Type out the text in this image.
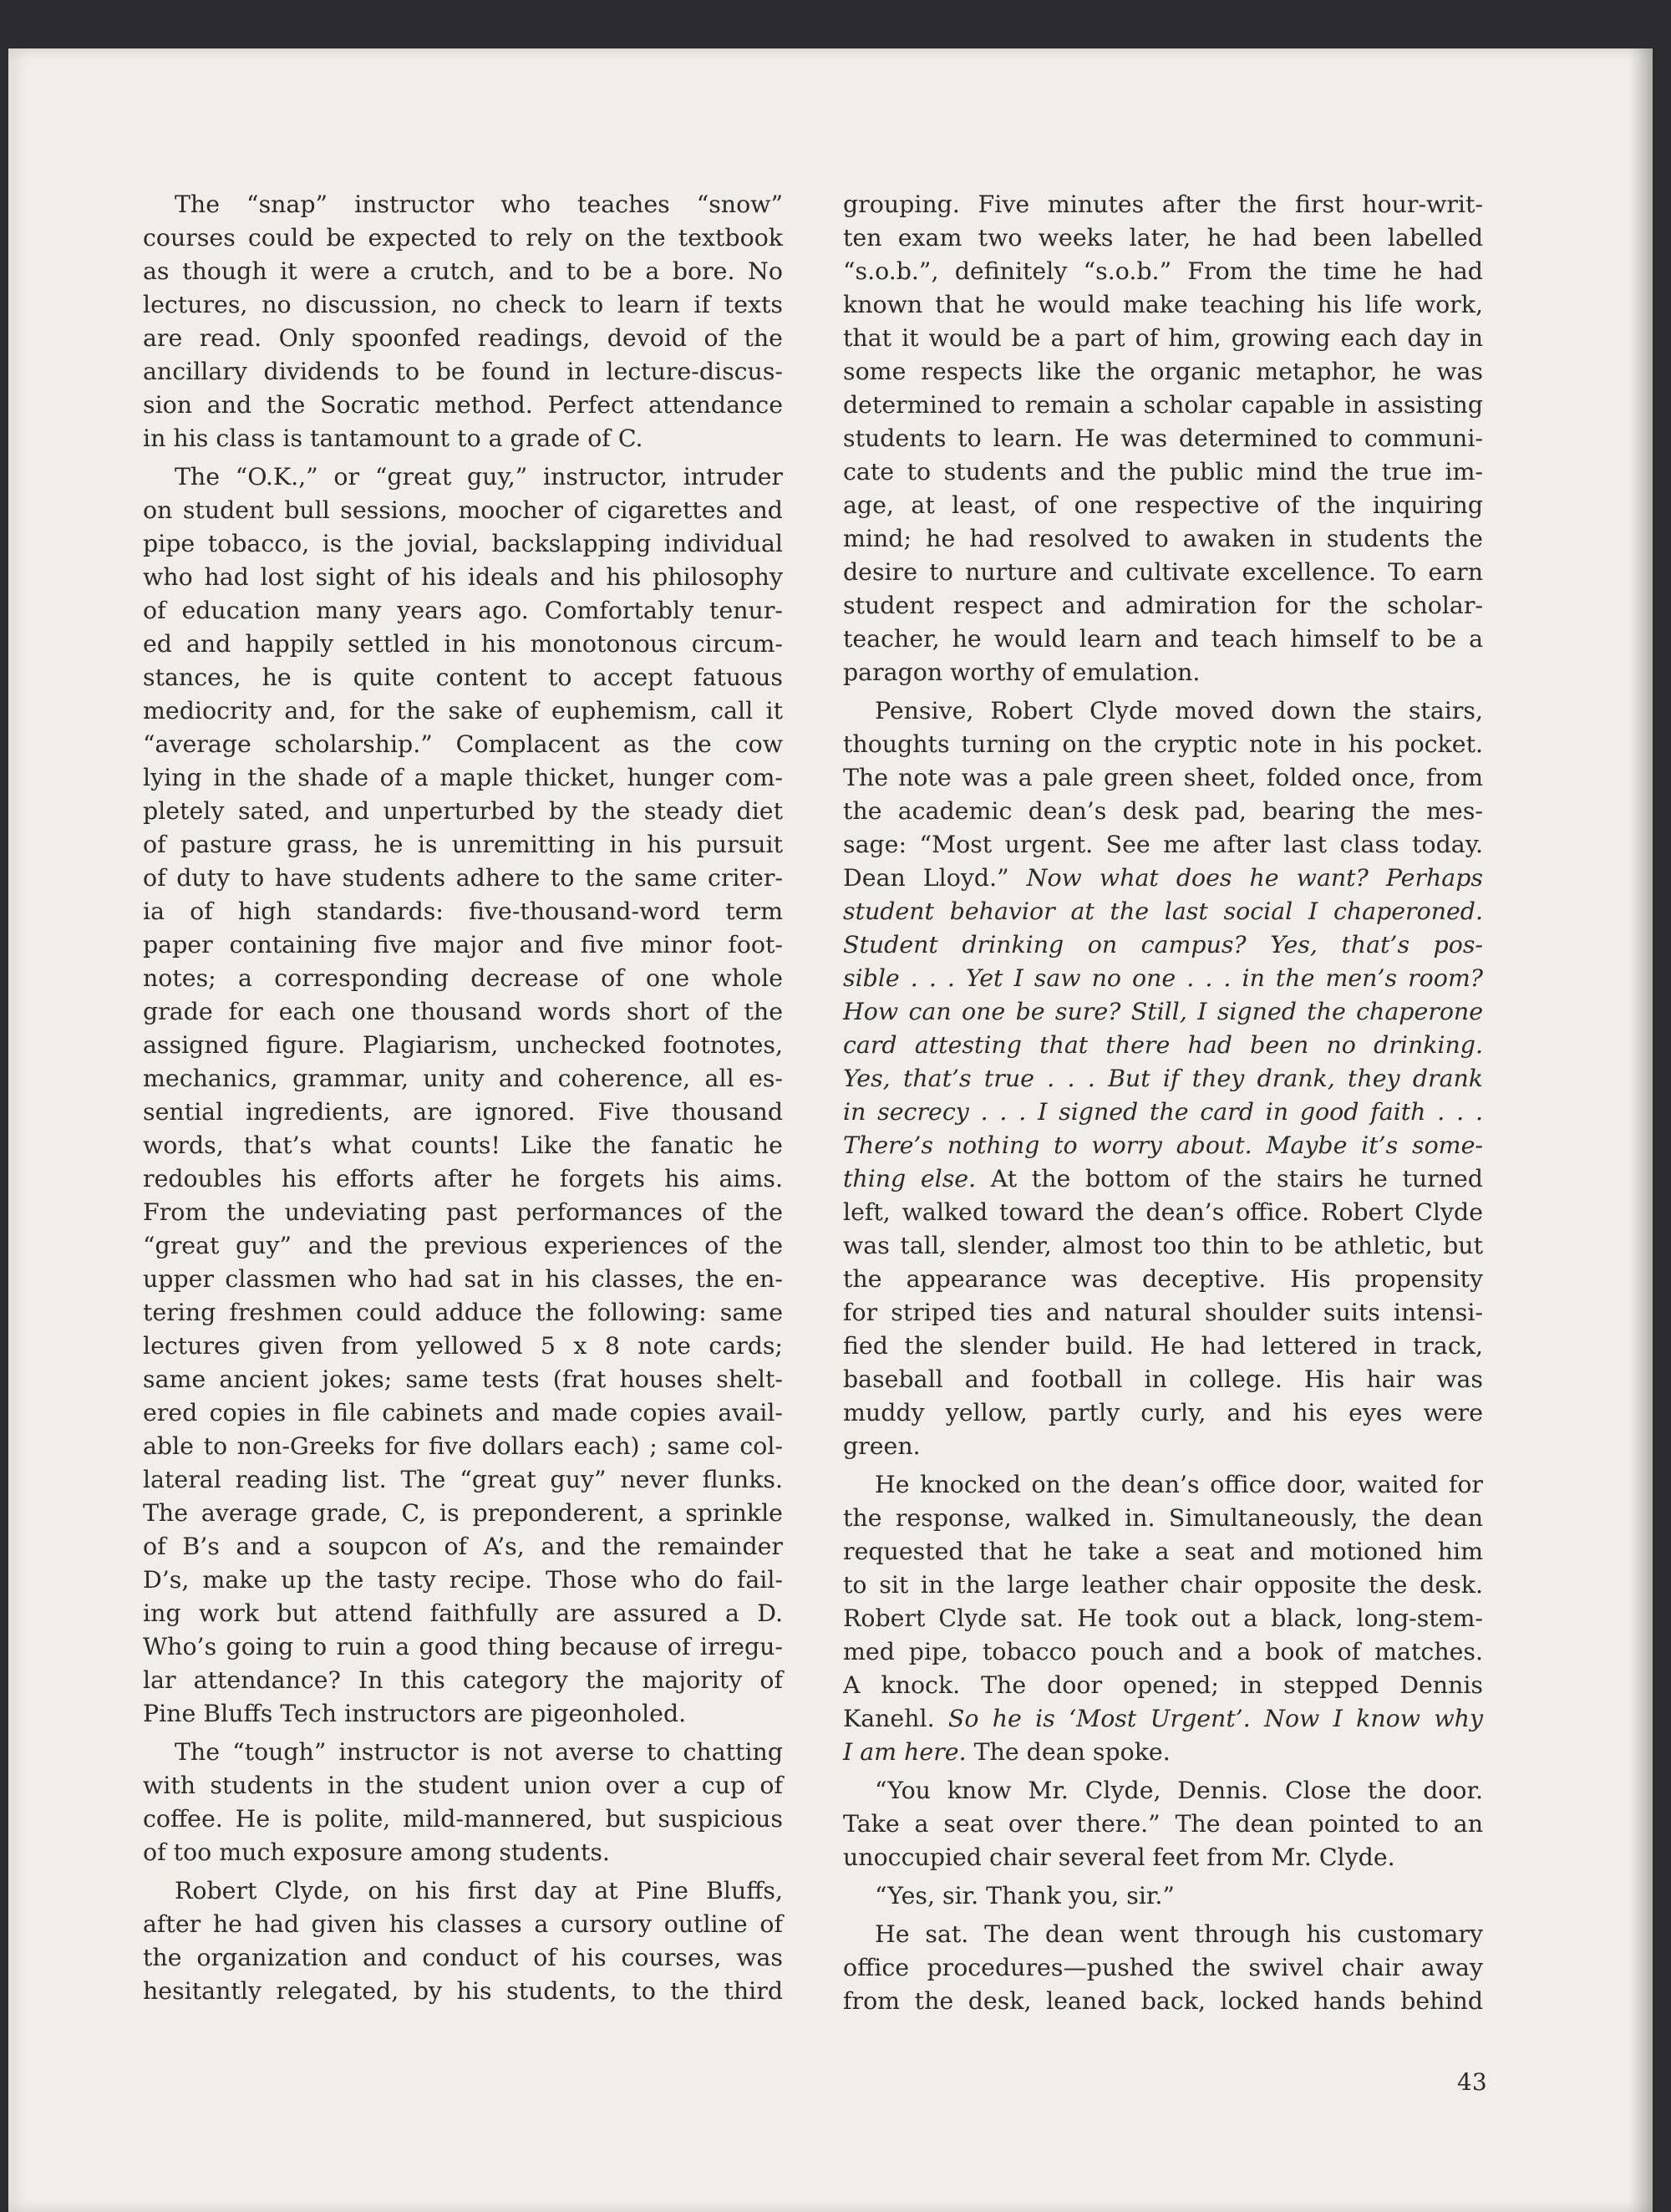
The “snap” instructor who teaches “snow”
courses could be expected to rely on the textbook
as though it were a crutch, and to be a bore. No
lectures, no discussion, no check to learn if texts
are read. Only spoonfed readings, devoid of the
ancillary dividends to be found in lecture-discus-
sion and the Socratic method. Perfect attendance
in his class is tantamount to a grade of C.
The “O.K.,” or “great guy,” instructor, intruder
on student bull sessions, moocher of cigarettes and
pipe tobacco, is the jovial, backslapping individual
who had lost sight of his ideals and his philosophy
of education many years ago. Comfortably tenur-
ed and happily settled in his monotonous circum-
stances, he is quite content to accept fatuous
mediocrity and, for the sake of euphemism, call it
“average scholarship.” Complacent as the cow
lying in the shade of a maple thicket, hunger com-
pletely sated, and unperturbed by the steady diet
of pasture grass, he is unremitting in his pursuit
of duty to have students adhere to the same criter-
ia of high standards: five-thousand-word term
paper containing five major and five minor foot-
notes; a corresponding decrease of one whole
grade for each one thousand words short of the
assigned figure. Plagiarism, unchecked footnotes,
mechanics, grammar, unity and coherence, all es-
sential ingredients, are ignored. Five thousand
words, that’s what counts! Like the fanatic he
redoubles his efforts after he forgets his aims.
From the undeviating past performances of the
“great guy” and the previous experiences of the
upper classmen who had sat in his classes, the en-
tering freshmen could adduce the following: same
lectures given from yellowed 5 x 8 note cards;
same ancient jokes; same tests (frat houses shelt-
ered copies in file cabinets and made copies avail-
able to non-Greeks for five dollars each) ; same col-
lateral reading list. The “great guy” never flunks.
The average grade, C, is preponderent, a sprinkle
of B’s and a soupcon of A’s, and the remainder
D’s, make up the tasty recipe. Those who do fail-
ing work but attend faithfully are assured a D.
Who’s going to ruin a good thing because of irregu-
lar attendance? In this category the majority of
Pine Bluffs Tech instructors are pigeonholed.
The “tough” instructor is not averse to chatting
with students in the student union over a cup of
coffee. He is polite, mild-mannered, but suspicious
of too much exposure among students.
Robert Clyde, on his first day at Pine Bluffs,
after he had given his classes a cursory outline of
the organization and conduct of his courses, was
hesitantly relegated, by his students, to the third
grouping. Five minutes after the first hour-writ-
ten exam two weeks later, he had been labelled
“s.o.b.”, definitely “s.o.b.” From the time he had
known that he would make teaching his life work,
that it would be a part of him, growing each day in
some respects like the organic metaphor, he was
determined to remain a scholar capable in assisting
students to learn. He was determined to communi-
cate to students and the public mind the true im-
age, at least, of one respective of the inquiring
mind; he had resolved to awaken in students the
desire to nurture and cultivate excellence. To earn
student respect and admiration for the scholar-
teacher, he would learn and teach himself to be a
paragon worthy of emulation.
Pensive, Robert Clyde moved down the stairs,
thoughts turning on the cryptic note in his pocket.
The note was a pale green sheet, folded once, from
the academic dean’s desk pad, bearing the mes-
sage: “Most urgent. See me after last class today.
Dean Lloyd.” Now what does he want? Perhaps
student behavior at the last social I chaperoned.
Student drinking on campus? Yes, that’s pos-
sible . . . Yet I saw no one . . . in the men’s room?
How can one be sure? Still, I signed the chaperone
card attesting that there had been no drinking.
Yes, that’s true . . . But if they drank, they drank
in secrecy . . . I signed the card in good faith . . .
There’s nothing to worry about. Maybe it’s some-
thing else. At the bottom of the stairs he turned
left, walked toward the dean’s office. Robert Clyde
was tall, slender, almost too thin to be athletic, but
the appearance was deceptive. His propensity
for striped ties and natural shoulder suits intensi-
fied the slender build. He had lettered in track,
baseball and football in college. His hair was
muddy yellow, partly curly, and his eyes were
green.
He knocked on the dean’s office door, waited for
the response, walked in. Simultaneously, the dean
requested that he take a seat and motioned him
to sit in the large leather chair opposite the desk.
Robert Clyde sat. He took out a black, long-stem-
med pipe, tobacco pouch and a book of matches.
A knock. The door opened; in stepped Dennis
Kanehl. So he is ‘Most Urgent’. Now I know why
I am here. The dean spoke.
“You know Mr. Clyde, Dennis. Close the door.
Take a seat over there.” The dean pointed to an
unoccupied chair several feet from Mr. Clyde.
“Yes, sir. Thank you, sir.”
He sat. The dean went through his customary
office procedures—pushed the swivel chair away
from the desk, leaned back, locked hands behind
43
